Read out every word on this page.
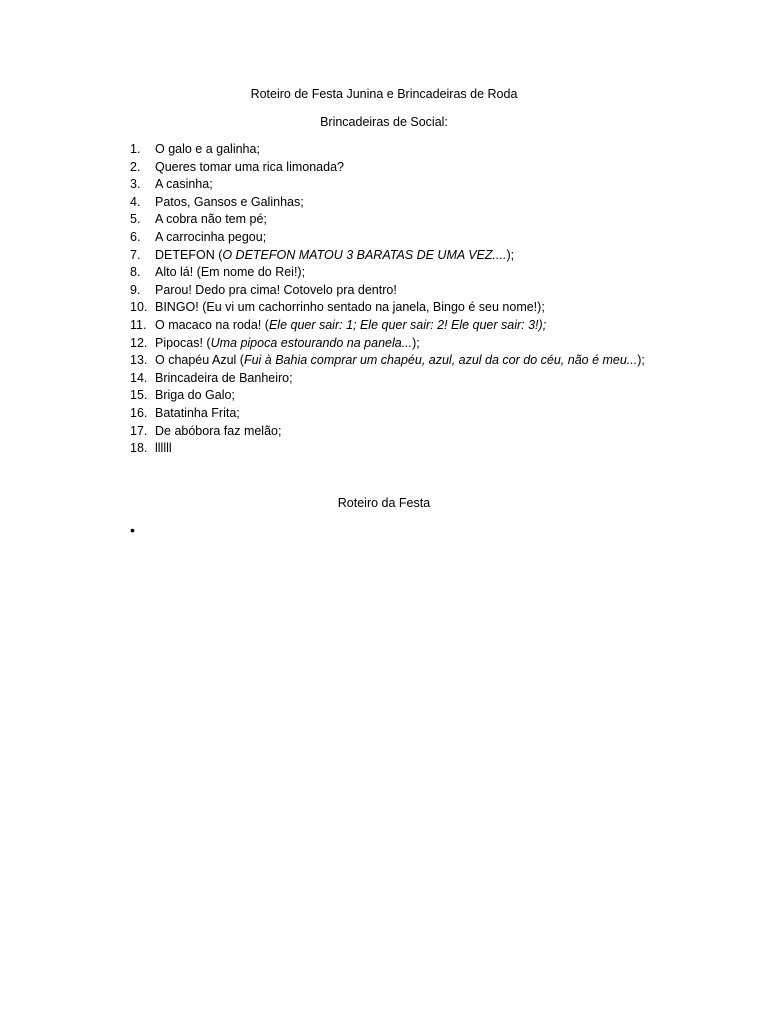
Roteiro de Festa Junina e Brincadeiras de Roda
Brincadeiras de Social:
1. O galo e a galinha;
2. Queres tomar uma rica limonada?
3. A casinha;
4. Patos, Gansos e Galinhas;
5. A cobra não tem pé;
6. A carrocinha pegou;
7. DETEFON (O DETEFON MATOU 3 BARATAS DE UMA VEZ....);
8. Alto lá! (Em nome do Rei!);
9. Parou! Dedo pra cima! Cotovelo pra dentro!
10. BINGO! (Eu vi um cachorrinho sentado na janela, Bingo é seu nome!);
11. O macaco na roda! (Ele quer sair: 1; Ele quer sair: 2! Ele quer sair: 3!);
12. Pipocas! (Uma pipoca estourando na panela...);
13. O chapéu Azul (Fui à Bahia comprar um chapéu, azul, azul da cor do céu, não é meu...);
14. Brincadeira de Banheiro;
15. Briga do Galo;
16. Batatinha Frita;
17. De abóbora faz melão;
18. llllll
Roteiro da Festa
•
